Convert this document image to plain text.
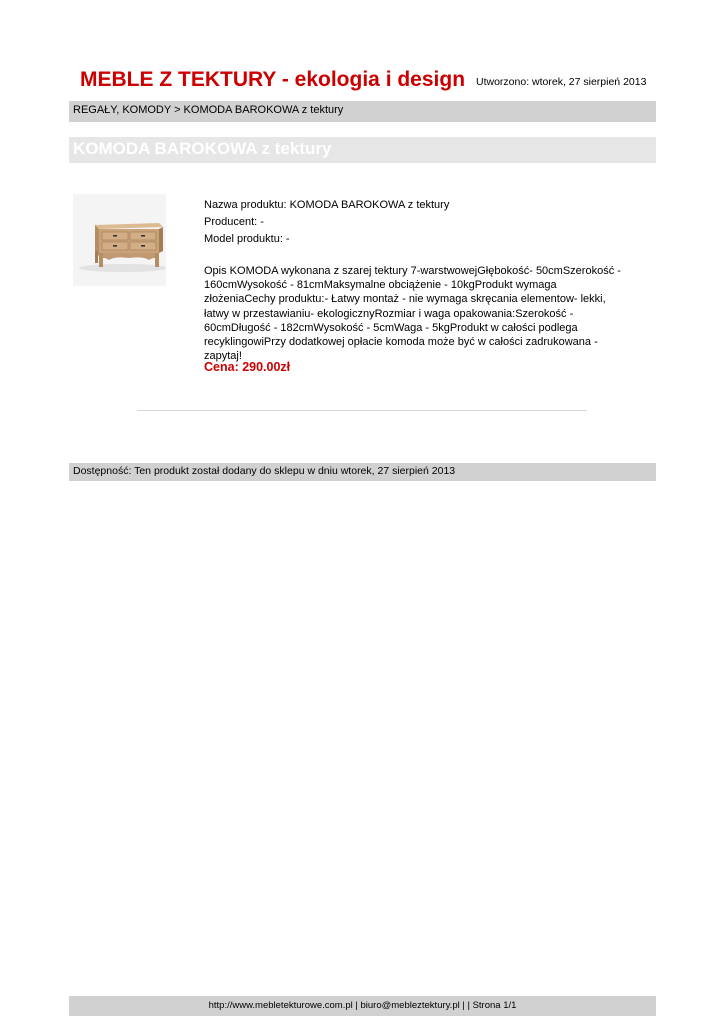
MEBLE Z TEKTURY - ekologia i design Utworzono: wtorek, 27 sierpień 2013
REGAŁY, KOMODY > KOMODA BAROKOWA z tektury
KOMODA BAROKOWA z tektury
Nazwa produktu: KOMODA BAROKOWA z tektury
Producent: -
Model produktu: -
Opis KOMODA wykonana z szarej tektury 7-warstwowejGłębokość- 50cmSzerokość - 160cmWysokość - 81cmMaksymalne obciążenie - 10kgProdukt wymaga złożeniaCechy produktu:- Łatwy montaż - nie wymaga skręcania elementow- lekki, łatwy w przestawianiu- ekologicznyRozmiar i waga opakowania:Szerokość - 60cmDługość - 182cmWysokość - 5cmWaga - 5kgProdukt w całości podlega recyklingowiPrzy dodatkowej opłacie komoda może być w całości zadrukowana - zapytaj!
Cena: 290.00zł
Dostępność: Ten produkt został dodany do sklepu w dniu wtorek, 27 sierpień 2013
http://www.mebletekturowe.com.pl | biuro@mebleztektury.pl | | Strona 1/1
